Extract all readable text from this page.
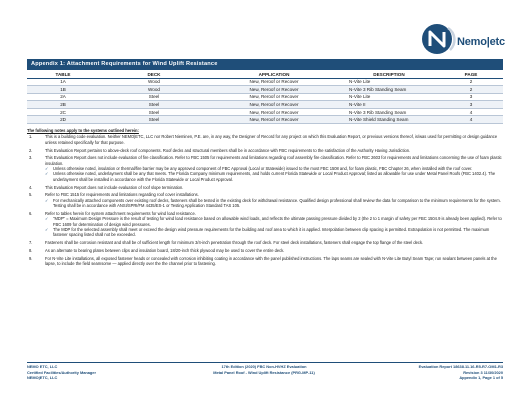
Nemo|etc
Appendix 1: Attachment Requirements for Wind Uplift Resistance
TABLE	DECK	APPLICATION	DESCRIPTION	PAGE
1A	Wood	New, Reroof or Recover	N-Vite Lite	2
1B	Wood	New, Reroof or Recover	N-Vite 3 Rib Standing Seam	2
2A	Steel	New, Reroof or Recover	N-Vite Lite	3
2B	Steel	New, Reroof or Recover	N-Vite II	3
2C	Steel	New, Reroof or Recover	N-Vite 3 Rib Standing Seam	4
2D	Steel	New, Reroof or Recover	N-Vite Shield Standing Seam	4
The following notes apply to the systems outlined herein:
1.	This is a building code evaluation. Neither NEMO|ETC, LLC nor Robert Nieminen, P.E. are, in any way, the Designer of Record for any project on which this Evaluation Report, or previous versions thereof, is/was used for permitting or design guidance unless retained specifically for that purpose.
2.	This Evaluation Report pertains to above-deck roof components. Roof decks and structural members shall be in accordance with FBC requirements to the satisfaction of the Authority Having Jurisdiction.
3.	This Evaluation Report does not include evaluation of fire classification. Refer to FBC 1505 for requirements and limitations regarding roof assembly fire classification. Refer to FBC 2603 for requirements and limitations concerning the use of foam plastic insulation.
✓	Unless otherwise noted, insulation or thermal/fire barrier may be any approved component of FBC Approval (Local or Statewide) issued to the most FBC 1508 and, for foam plastic, FBC Chapter 26, when installed with the roof cover.
✓	Unless otherwise noted, underlayment shall be any that meets. The Florida Company minimum requirements, and holds current Florida Statewide or Local Product Approval; listed as allowable for use under Metal Panel Roofs (FBC 1402.4). The underlayment shall be installed in accordance with the Florida Statewide or Local Product Approval.
4.	This Evaluation Report does not include evaluation of roof slope termination.
5.	Refer to FBC 1515 for requirements and limitations regarding roof cover installations.
✓	For mechanically attached components over existing roof decks, fasteners shall be tested in the existing deck for withdrawal resistance. Qualified design professional shall review the data for comparison to the minimum requirements for the system. Testing shall be in accordance with ANSI/SPRI/FM 4435/ES-1 or Testing Application Standard TAS 105.
6.	Refer to tables herein for system attachment requirements for wind load resistance.
✓	"MDP" = Maximum Design Pressure is the result of testing for wind load resistance based on allowable wind loads, and reflects the ultimate passing pressure divided by 2 (the 2 to 1 margin of safety per FBC 1504.9 is already been applied). Refer to FBC 1609 for determination of design wind pressures.
✓	The MDP for the selected assembly shall meet or exceed the design wind pressure requirements for the building and roof area to which it is applied. Interpolation between clip spacing is permitted. Extrapolation is not permitted. The maximum fastener spacing listed shall not be exceeded.
7.	Fasteners shall be corrosion resistant and shall be of sufficient length for minimum 3/4-inch penetration through the roof deck. For steel deck installations, fasteners shall engage the top flange of the steel deck.
8.	As an alternate to bearing plates between clips and insulation board, 18/20-inch thick plywood may be used to cover the entire deck.
9.	For N-Vite Lite installations, all exposed fastener heads or concealed with corrosion inhibiting coating in accordance with the panel published instructions. The laps seams are sealed with N-Vite Lite Butyl Seam Tape; run sealant between panels at the lapse, to include the field seamsome — applied directly over the the channel prior to fastening.
NEMO ETC, LLC
Certified Facilities/Authority Manager
NEMO|ETC, LLC
17th Edition (2020) FBC Non-HVHZ Evaluation
Metal Panel Roof - Wind Uplift Resistance (PRG-MP-11)
Evaluation Report 18638.11.16-R5-R7-OM1-R3
Revision 3 11/30/2020
Appendix 1, Page 1 of 5
